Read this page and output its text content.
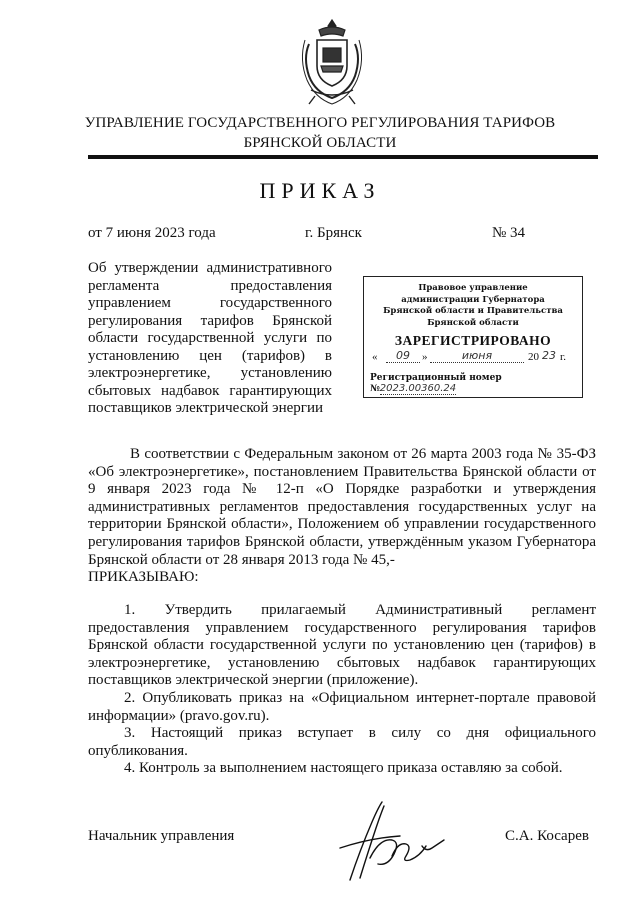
УПРАВЛЕНИЕ ГОСУДАРСТВЕННОГО РЕГУЛИРОВАНИЯ ТАРИФОВ
БРЯНСКОЙ ОБЛАСТИ
ПРИКАЗ
от 7 июня 2023 года	г. Брянск	№ 34
Об утверждении административного регламента предоставления управлением государственного регулирования тарифов Брянской области государственной услуги по установлению цен (тарифов) в электроэнергетике, установлению сбытовых надбавок гарантирующих поставщиков электрической энергии
Правовое управление
администрации Губернатора
Брянской области и Правительства
Брянской области
ЗАРЕГИСТРИРОВАНО
«	09	»	июня	20 23 г.
Регистрационный номер №2023.00360.24
В соответствии с Федеральным законом от 26 марта 2003 года № 35-ФЗ «Об электроэнергетике», постановлением Правительства Брянской области от 9 января 2023 года № 12-п «О Порядке разработки и утверждения административных регламентов предоставления государственных услуг на территории Брянской области», Положением об управлении государственного регулирования тарифов Брянской области, утверждённым указом Губернатора Брянской области от 28 января 2013 года № 45,-
ПРИКАЗЫВАЮ:
1. Утвердить прилагаемый Административный регламент предоставления управлением государственного регулирования тарифов Брянской области государственной услуги по установлению цен (тарифов) в электроэнергетике, установлению сбытовых надбавок гарантирующих поставщиков электрической энергии (приложение).
2. Опубликовать приказ на «Официальном интернет-портале правовой информации» (pravo.gov.ru).
3. Настоящий приказ вступает в силу со дня официального опубликования.
4. Контроль за выполнением настоящего приказа оставляю за собой.
Начальник управления	С.А. Косарев
